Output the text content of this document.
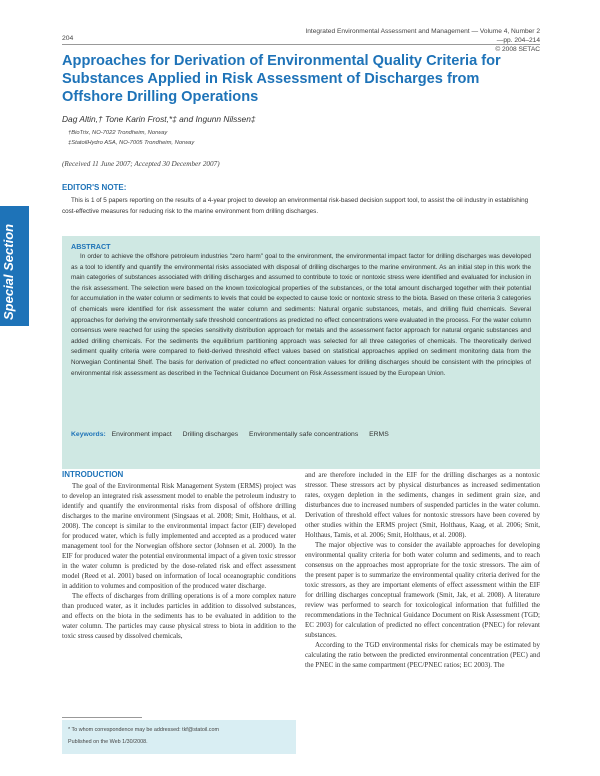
Integrated Environmental Assessment and Management — Volume 4, Number 2—pp. 204–214
© 2008 SETAC
204
Approaches for Derivation of Environmental Quality Criteria for Substances Applied in Risk Assessment of Discharges from Offshore Drilling Operations
Dag Altin,† Tone Karin Frost,*‡ and Ingunn Nilssen‡
†BioTrix, NO-7022 Trondheim, Norway
‡StatoilHydro ASA, NO-7005 Trondheim, Norway
(Received 11 June 2007; Accepted 30 December 2007)
EDITOR'S NOTE:
This is 1 of 5 papers reporting on the results of a 4-year project to develop an environmental risk-based decision support tool, to assist the oil industry in establishing cost-effective measures for reducing risk to the marine environment from drilling discharges.
Special Section	ABSTRACT
In order to achieve the offshore petroleum industries "zero harm" goal to the environment, the environmental impact factor for drilling discharges was developed as a tool to identify and quantify the environmental risks associated with disposal of drilling discharges to the marine environment. As an initial step in this work the main categories of substances associated with drilling discharges and assumed to contribute to toxic or nontoxic stress were identified and evaluated for inclusion in the risk assessment. The selection were based on the known toxicological properties of the substances, or the total amount discharged together with their potential for accumulation in the water column or sediments to levels that could be expected to cause toxic or nontoxic stress to the biota. Based on these criteria 3 categories of chemicals were identified for risk assessment the water column and sediments: Natural organic substances, metals, and drilling fluid chemicals. Several approaches for deriving the environmentally safe threshold concentrations as predicted no effect concentrations were evaluated in the process. For the water column consensus were reached for using the species sensitivity distribution approach for metals and the assessment factor approach for natural organic substances and added drilling chemicals. For the sediments the equilibrium partitioning approach was selected for all three categories of chemicals. The theoretically derived sediment quality criteria were compared to field-derived threshold effect values based on statistical approaches applied on sediment monitoring data from the Norwegian Continental Shelf. The basis for derivation of predicted no effect concentration values for drilling discharges should be consistent with the principles of environmental risk assessment as described in the Technical Guidance Document on Risk Assessment issued by the European Union.
Keywords: Environment impact Drilling discharges Environmentally safe concentrations ERMS
INTRODUCTION

The goal of the Environmental Risk Management System (ERMS) project was to develop an integrated risk assessment model to enable the petroleum industry to identify and quantify the environmental risks from disposal of offshore drilling discharges to the marine environment (Singsaas et al. 2008; Smit, Holthaus, et al. 2008). The concept is similar to the environmental impact factor (EIF) developed for produced water, which is fully implemented and accepted as a produced water management tool for the Norwegian offshore sector (Johnsen et al. 2000). In the EIF for produced water the potential environmental impact of a given toxic stressor in the water column is predicted by the dose-related risk and effect assessment model (Reed et al. 2001) based on information of local oceanographic conditions in addition to volumes and composition of the produced water discharge.

The effects of discharges from drilling operations is of a more complex nature than produced water, as it includes particles in addition to dissolved substances, and effects on the biota in the sediments has to be evaluated in addition to the water column. The particles may cause physical stress to biota in addition to the toxic stress caused by dissolved chemicals,

and are therefore included in the EIF for the drilling discharges as a nontoxic stressor. These stressors act by physical disturbances as increased sedimentation rates, oxygen depletion in the sediments, changes in sediment grain size, and disturbances due to increased numbers of suspended particles in the water column. Derivation of threshold effect values for nontoxic stressors have been covered by other studies within the ERMS project (Smit, Holthaus, Kaag, et al. 2006; Smit, Holthaus, Tamis, et al. 2006; Smit, Holthaus, et al. 2008).

The major objective was to consider the available approaches for developing environmental quality criteria for both water column and sediments, and to reach consensus on the approaches most appropriate for the toxic stressors. The aim of the present paper is to summarize the environmental quality criteria derived for the toxic stressors, as they are important elements of effect assessment within the EIF for drilling discharges conceptual framework (Smit, Jak, et al. 2008). A literature review was performed to search for toxicological information that fulfilled the recommendations in the Technical Guidance Document on Risk Assessment (TGD; EC 2003) for calculation of predicted no effect concentration (PNEC) for relevant substances.

According to the TGD environmental risks for chemicals may be estimated by calculating the ratio between the predicted environmental concentration (PEC) and the PNEC in the same compartment (PEC/PNEC ratios; EC 2003). The

* To whom correspondence may be addressed: tkf@statoil.com
Published on the Web 1/30/2008.
